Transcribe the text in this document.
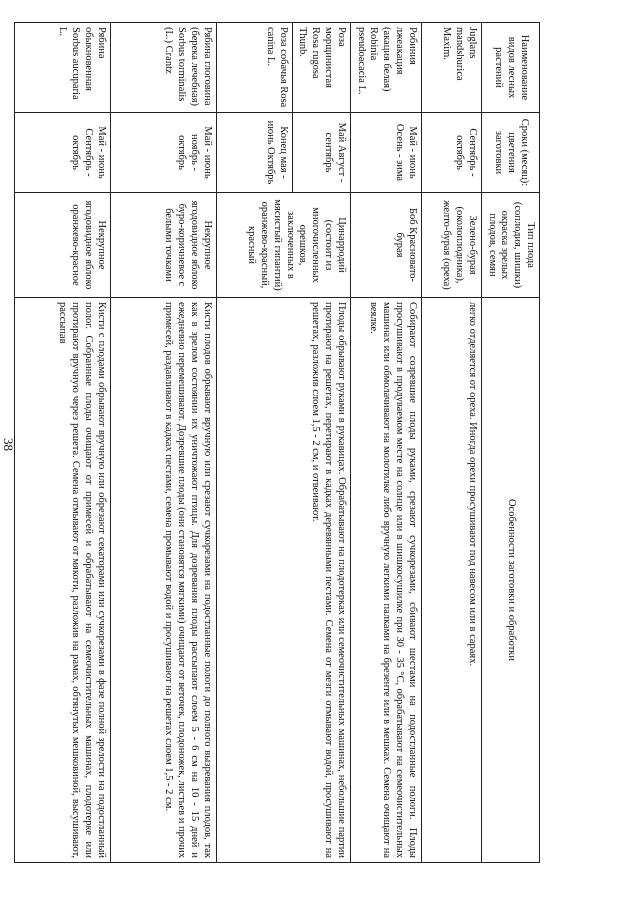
38
Наименование видов лесных растений	Сроки (месяц): цветения заготовки	Тип плода (соплодия, шишки) окраска зрелых плодов, семян	Особенности заготовки и обработки
Juglans mandshurica Maxim.	Сентябрь - октябрь	Зелено-бурая (околоплодника), желто-бурая (ореха)	легко отделяется от ореха. Иногда орехи просушивают под навесом или в сараях.
Робиния лжеакация (акация белая) Robinia pseudoacacia L.	Май - июнь Осень - зима	Боб Красновато-бурая	Собирают созревшие плоды руками, срезают сучкорезами, сбивают шестами на подостланные пологи. Плоды просушивают в продуваемом месте на солнце или в шишкосушилке при 30 - 35 °С, обрабатывают на семеочистительных машинах или обмолачивают на молотилке либо вручную легкими палками на брезенте или в мешках. Семена очищают на веялке.
Роза морщинистая Rosa rugosa Thunb.	Май Август - сентябрь	Цинарродий (состоит из многочисленных орешков, заключенных в мясистый гипантий) оранжево-красный, красный	Плоды обрывают руками в рукавицах. Обрабатывают на плодотерках или семеочистительных машинах, небольшие партии протирают на решетах, перетирают в кадках деревянными пестами. Семена от мезги отмывают водой, просушивают на решетах, разложив слоем 1,5 - 2 см, и отвеивают.
Роза собачья Rosa canina L.	Конец мая - июнь Октябрь		
Рябина глоговина (берека лечебная) Sorbus torminalis (L.) Crantz	Май - июнь ноябрь - октябрь	Некрупное ягодовидное яблоко буро-коричневое с белыми точками	Кисти плодов обрывают вручную или срезают сучкорезами на подостланные пологи до полного вызревания плодов, так как в зрелом состоянии их уничтожают птицы. Для дозревания плоды рассыпают слоем 5 - 6 см на 10 - 15 дней и ежедневно перемешивают. Дозревшие плоды (они становятся мягкими) очищают от веточек, плодоножек, листьев и прочих примесей, раздавливают в кадках пестами, семена промывают водой и просушивают на решетах слоем 1,5 - 2 см.
Рябина обыкновенная Sorbus aucuparia L.	Май - июнь Сентябрь - октябрь	Некрупное ягодовидное яблоко оранжево-красное	Кисти с плодами обрывают вручную или обрезают секаторами или сучкорезами в фазе полной зрелости на подостланный полог. Собранные плоды очищают от примесей и обрабатывают на семеочистительных машинах, плодотерке или протирают вручную через решета. Семена отмывают от мякоти, разложив на рамах, обтянутых мешковиной, высушивают, рассыпав
